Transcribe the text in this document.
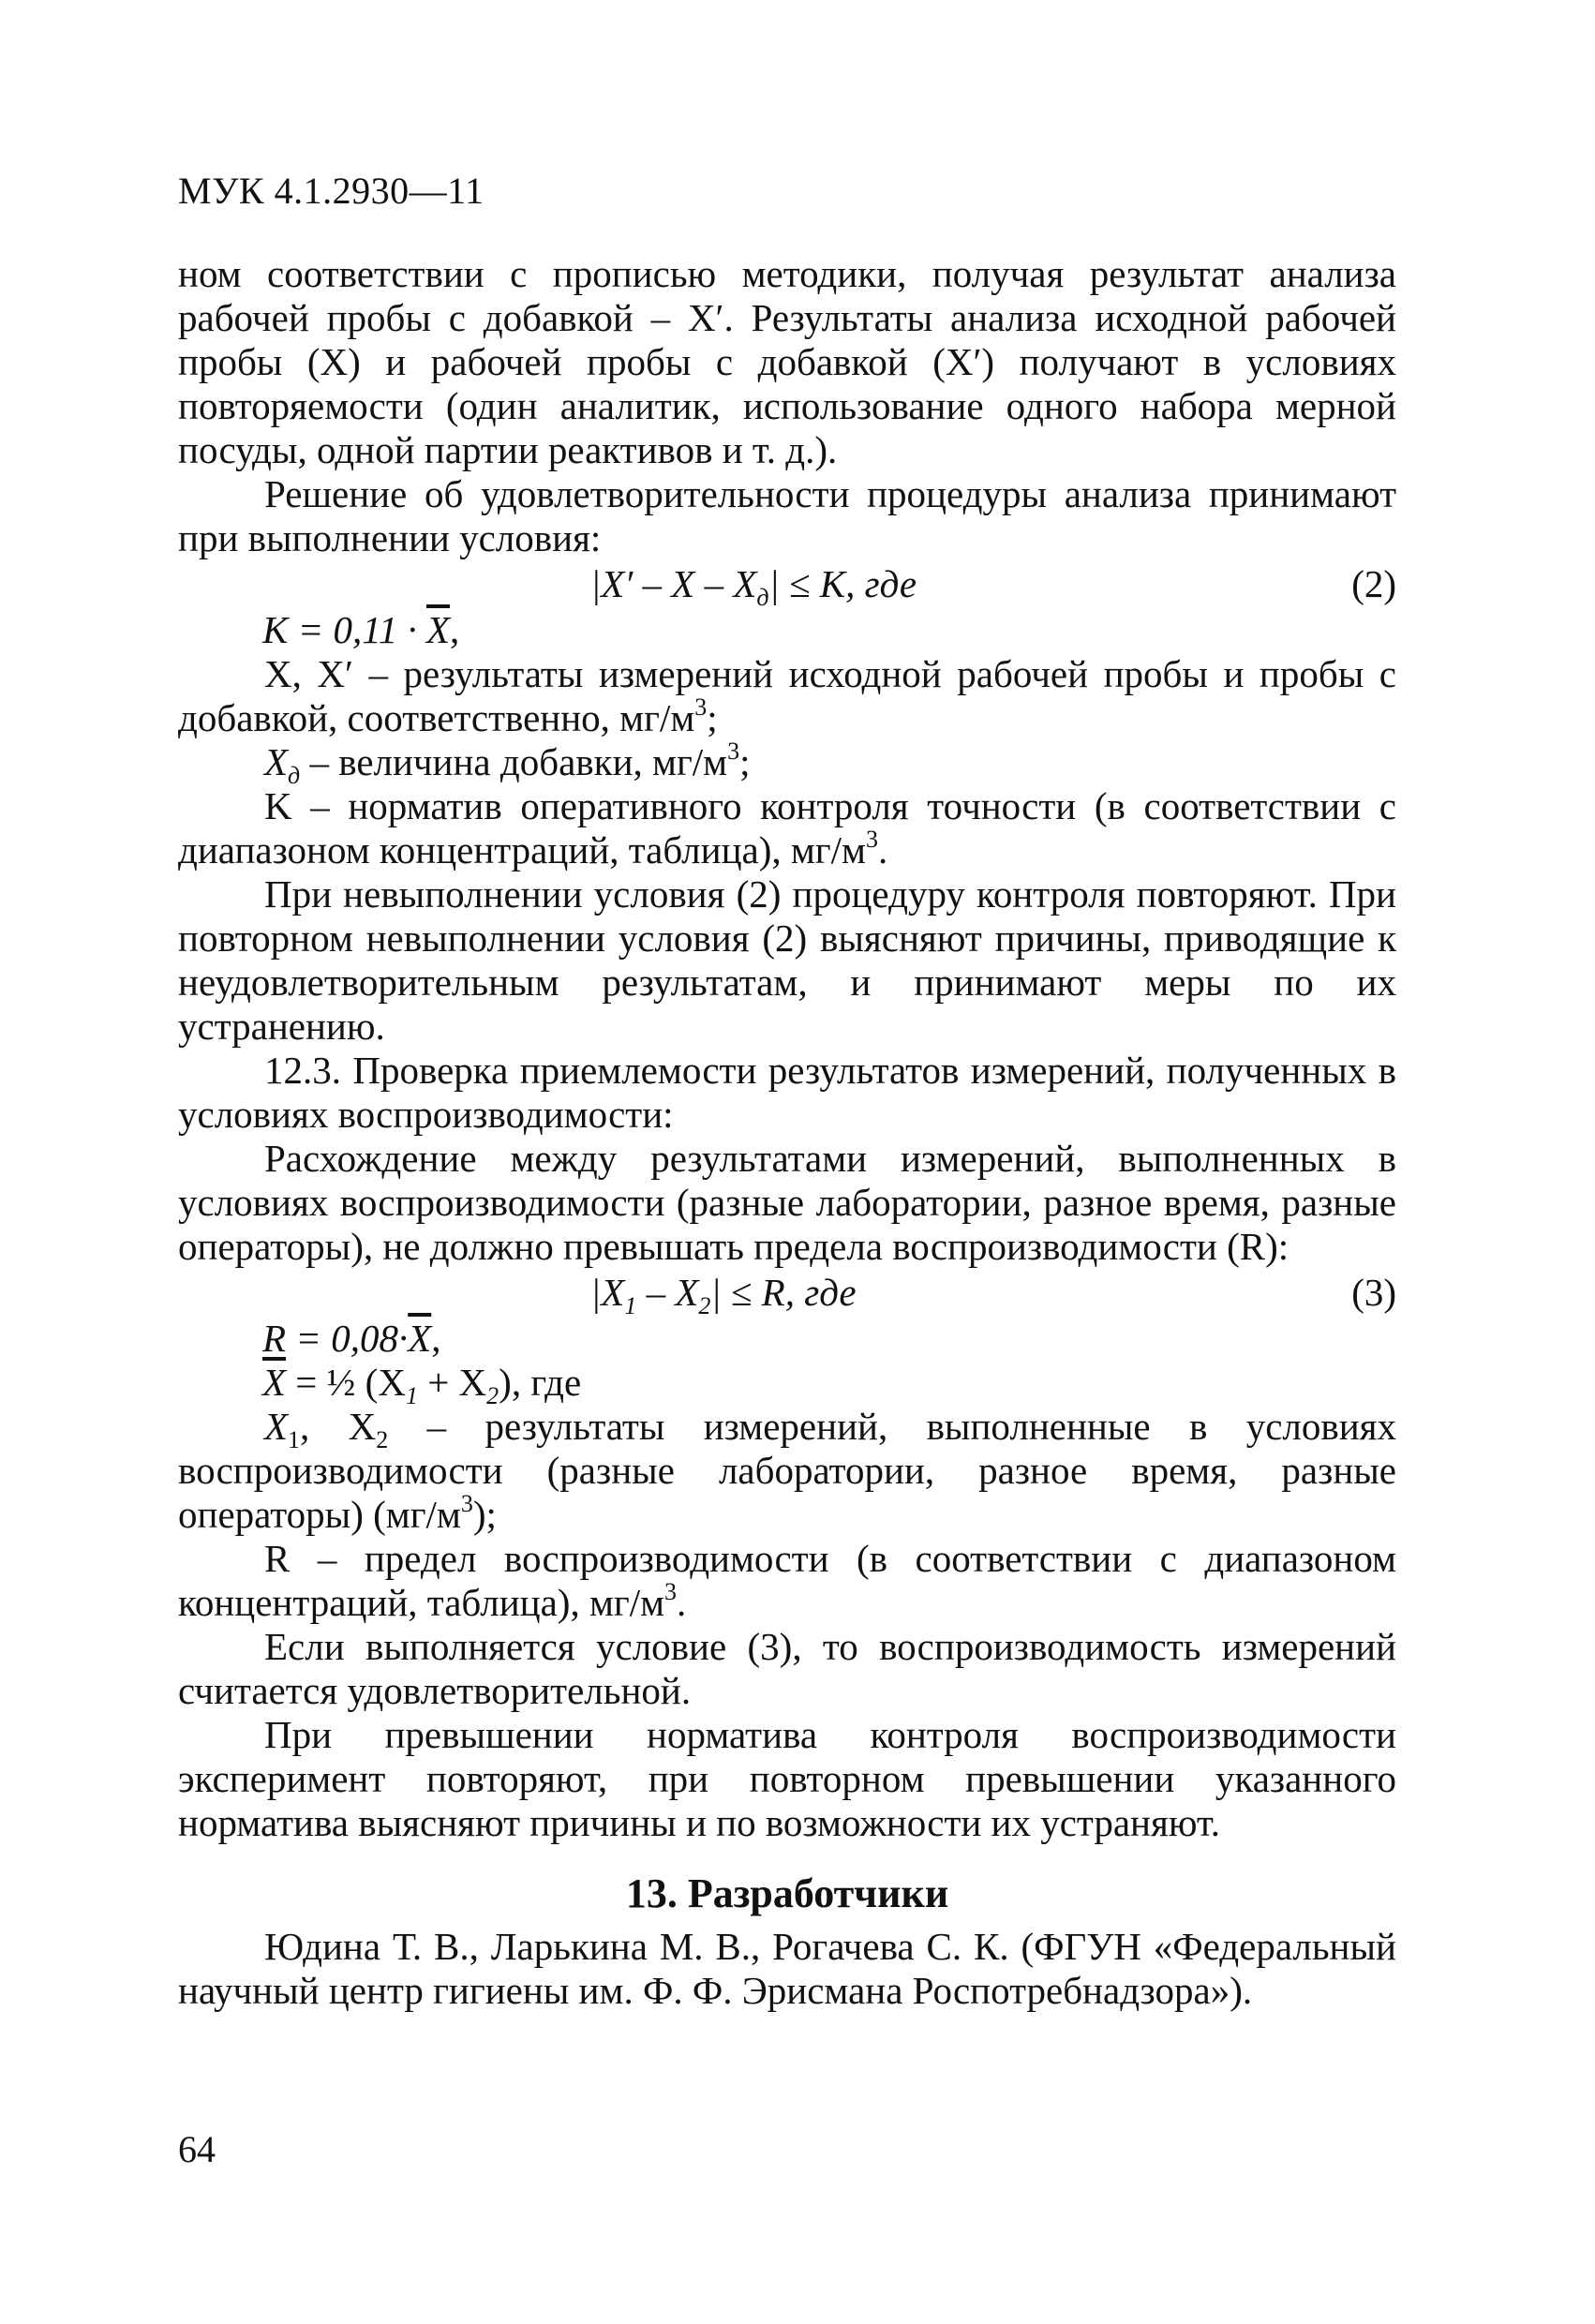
МУК 4.1.2930—11

ном соответствии с прописью методики, получая результат анализа рабочей пробы с добавкой – X′. Результаты анализа исходной рабочей пробы (X) и рабочей пробы с добавкой (X′) получают в условиях повторяемости (один аналитик, использование одного набора мерной посуды, одной партии реактивов и т. д.).

Решение об удовлетворительности процедуры анализа принимают при выполнении условия:

$|X' - X - X_д| \le K$, где	(2)
$K = 0,11 \cdot \overline{X}$,

X, X′ – результаты измерений исходной рабочей пробы и пробы с добавкой, соответственно, $мг/м^3$;

$X_д$ – величина добавки, $мг/м^3$;

K – норматив оперативного контроля точности (в соответствии с диапазоном концентраций, таблица), $мг/м^3$.

При невыполнении условия (2) процедуру контроля повторяют. При повторном невыполнении условия (2) выясняют причины, приводящие к неудовлетворительным результатам, и принимают меры по их устранению.

12.3. Проверка приемлемости результатов измерений, полученных в условиях воспроизводимости:

Расхождение между результатами измерений, выполненных в условиях воспроизводимости (разные лаборатории, разное время, разные операторы), не должно превышать предела воспроизводимости (R):

$|X_1 - X_2| \le R$, где	(3)
$R = 0,08\cdot\overline{X}$,
$\overline{X}$ = ½ $(X_1 + X_2)$, где

$X_1$, $X_2$ – результаты измерений, выполненные в условиях воспроизводимости (разные лаборатории, разное время, разные операторы) $(мг/м^3)$;

R – предел воспроизводимости (в соответствии с диапазоном концентраций, таблица), $мг/м^3$.

Если выполняется условие (3), то воспроизводимость измерений считается удовлетворительной.

При превышении норматива контроля воспроизводимости эксперимент повторяют, при повторном превышении указанного норматива выясняют причины и по возможности их устраняют.

13. Разработчики

Юдина Т. В., Ларькина М. В., Рогачева С. К. (ФГУН «Федеральный научный центр гигиены им. Ф. Ф. Эрисмана Роспотребнадзора»).

64
